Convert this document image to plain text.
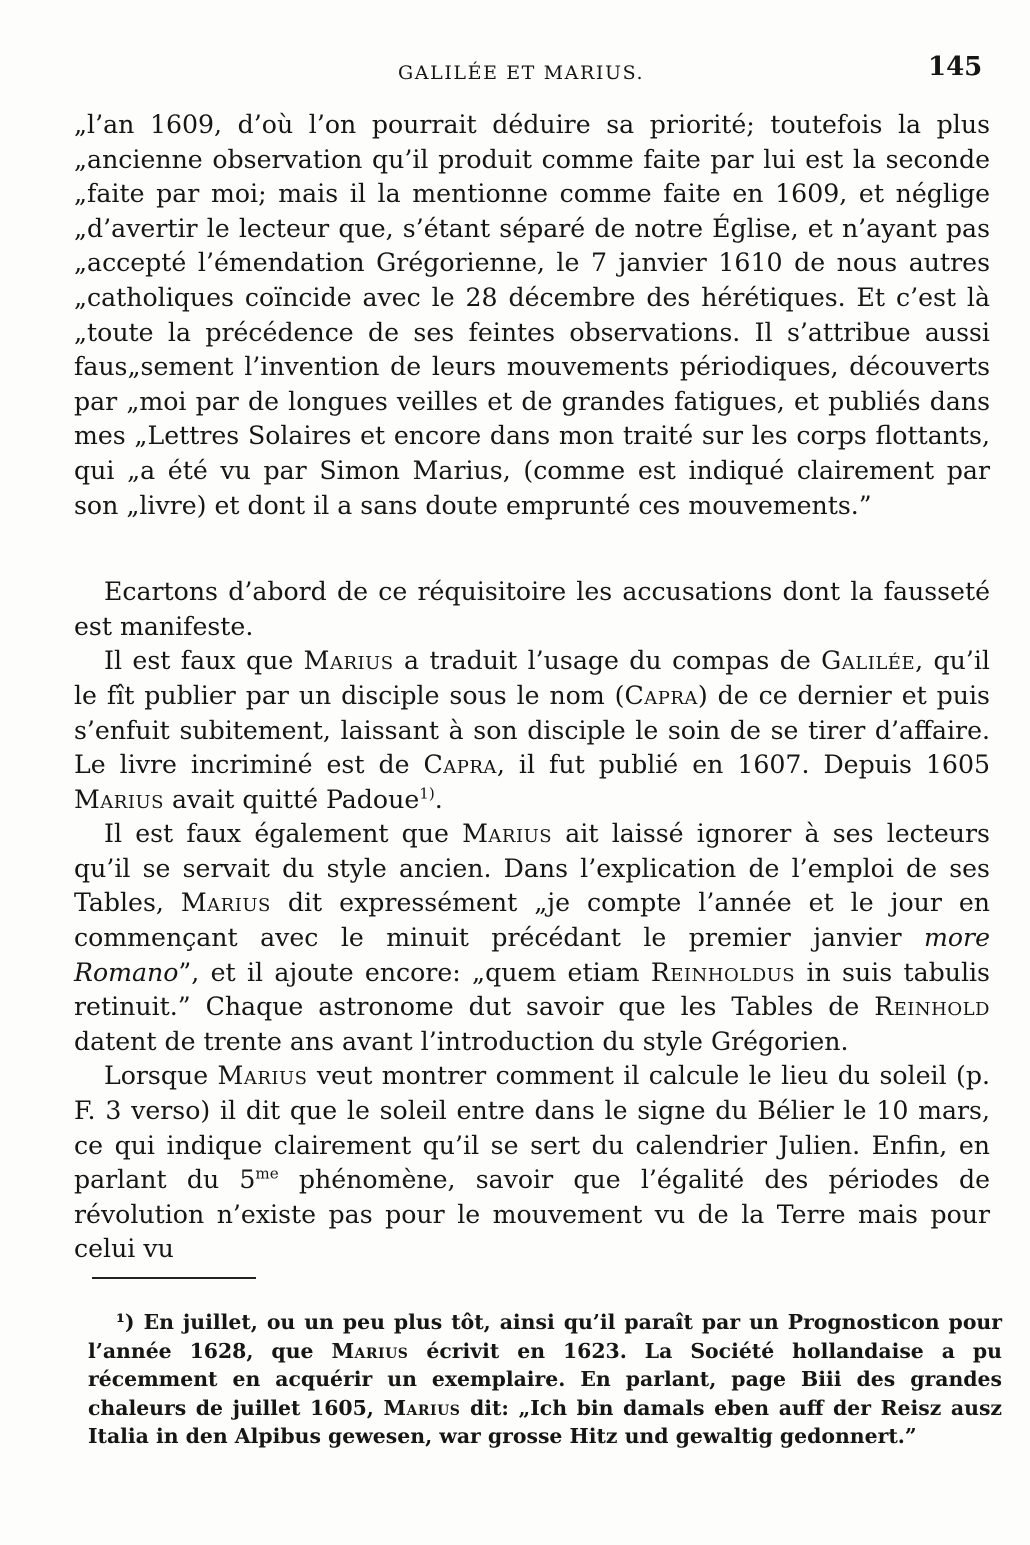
GALILÉE ET MARIUS.	145

„l’an 1609, d’où l’on pourrait déduire sa priorité; toutefois la plus „ancienne observation qu’il produit comme faite par lui est la seconde „faite par moi; mais il la mentionne comme faite en 1609, et néglige „d’avertir le lecteur que, s’étant séparé de notre Église, et n’ayant pas „accepté l’émendation Grégorienne, le 7 janvier 1610 de nous autres „catholiques coïncide avec le 28 décembre des hérétiques. Et c’est là „toute la précédence de ses feintes observations. Il s’attribue aussi faus„sement l’invention de leurs mouvements périodiques, découverts par „moi par de longues veilles et de grandes fatigues, et publiés dans mes „Lettres Solaires et encore dans mon traité sur les corps flottants, qui „a été vu par Simon Marius, (comme est indiqué clairement par son „livre) et dont il a sans doute emprunté ces mouvements.”

Ecartons d’abord de ce réquisitoire les accusations dont la fausseté est manifeste.

Il est faux que Marius a traduit l’usage du compas de Galilée, qu’il le fît publier par un disciple sous le nom (Capra) de ce dernier et puis s’enfuit subitement, laissant à son disciple le soin de se tirer d’affaire. Le livre incriminé est de Capra, il fut publié en 1607. Depuis 1605 Marius avait quitté Padoue$^{1)}$.

Il est faux également que Marius ait laissé ignorer à ses lecteurs qu’il se servait du style ancien. Dans l’explication de l’emploi de ses Tables, Marius dit expressément „je compte l’année et le jour en commençant avec le minuit précédant le premier janvier more Romano”, et il ajoute encore: „quem etiam Reinholdus in suis tabulis retinuit.” Chaque astronome dut savoir que les Tables de Reinhold datent de trente ans avant l’introduction du style Grégorien.

Lorsque Marius veut montrer comment il calcule le lieu du soleil (p. F. 3 verso) il dit que le soleil entre dans le signe du Bélier le 10 mars, ce qui indique clairement qu’il se sert du calendrier Julien. Enfin, en parlant du $5^{me}$ phénomène, savoir que l’égalité des périodes de révolution n’existe pas pour le mouvement vu de la Terre mais pour celui vu

¹) En juillet, ou un peu plus tôt, ainsi qu’il paraît par un Prognosticon pour l’année 1628, que Marius écrivit en 1623. La Société hollandaise a pu récemment en acquérir un exemplaire. En parlant, page Biii des grandes chaleurs de juillet 1605, Marius dit: „Ich bin damals eben auff der Reisz ausz Italia in den Alpibus gewesen, war grosse Hitz und gewaltig gedonnert.”
